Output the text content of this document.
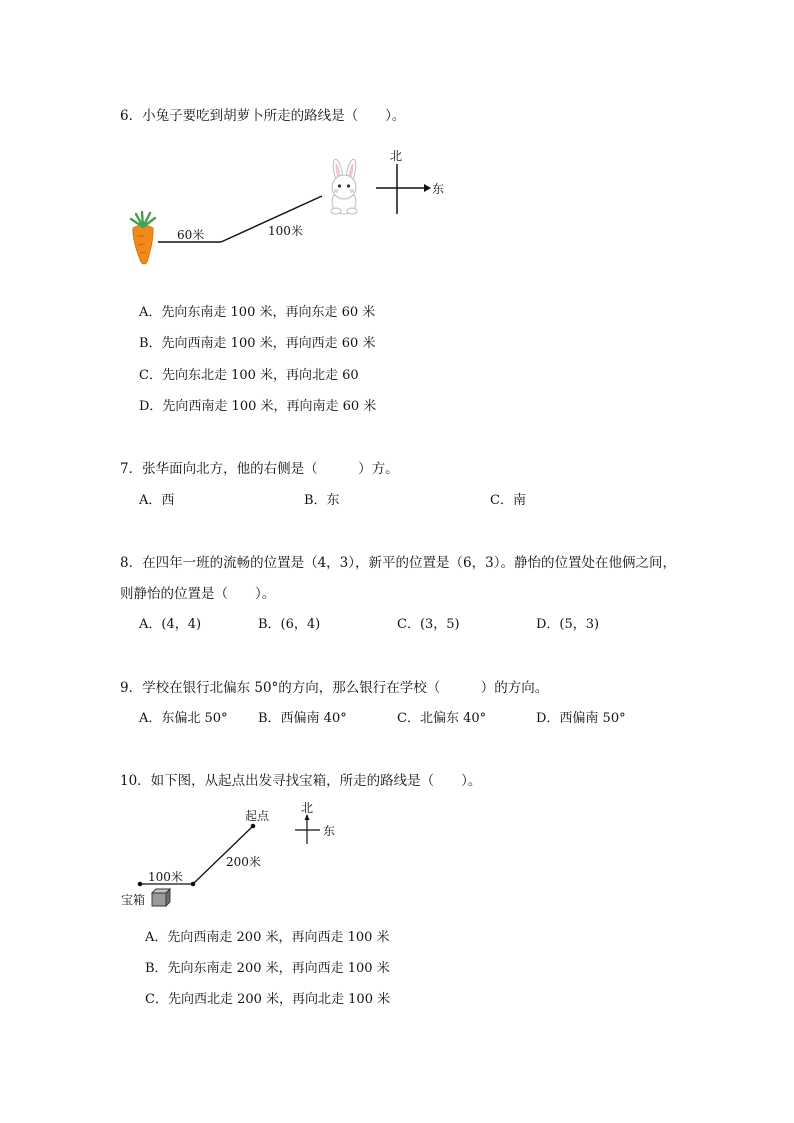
6．小兔子要吃到胡萝卜所走的路线是（　　）。
60米	100米
北
东
A．先向东南走 100 米，再向东走 60 米
B．先向西南走 100 米，再向西走 60 米
C．先向东北走 100 米，再向北走 60
D．先向西南走 100 米，再向南走 60 米
7．张华面向北方，他的右侧是（　　　）方。
A．西	B．东	C．南
8．在四年一班的流畅的位置是（4，3），新平的位置是（6，3）。静怡的位置处在他俩之间，
则静怡的位置是（　　）。
A．(4，4)	B．(6，4)	C．(3，5)	D．(5，3)
9．学校在银行北偏东 50°的方向，那么银行在学校（　　　）的方向。
A．东偏北 50° B．西偏南 40°	C．北偏东 40°	D．西偏南 50°
10．如下图，从起点出发寻找宝箱，所走的路线是（　　）。
起点
200米
100米
宝箱
北
东
A．先向西南走 200 米，再向西走 100 米
B．先向东南走 200 米，再向西走 100 米
C．先向西北走 200 米，再向北走 100 米
